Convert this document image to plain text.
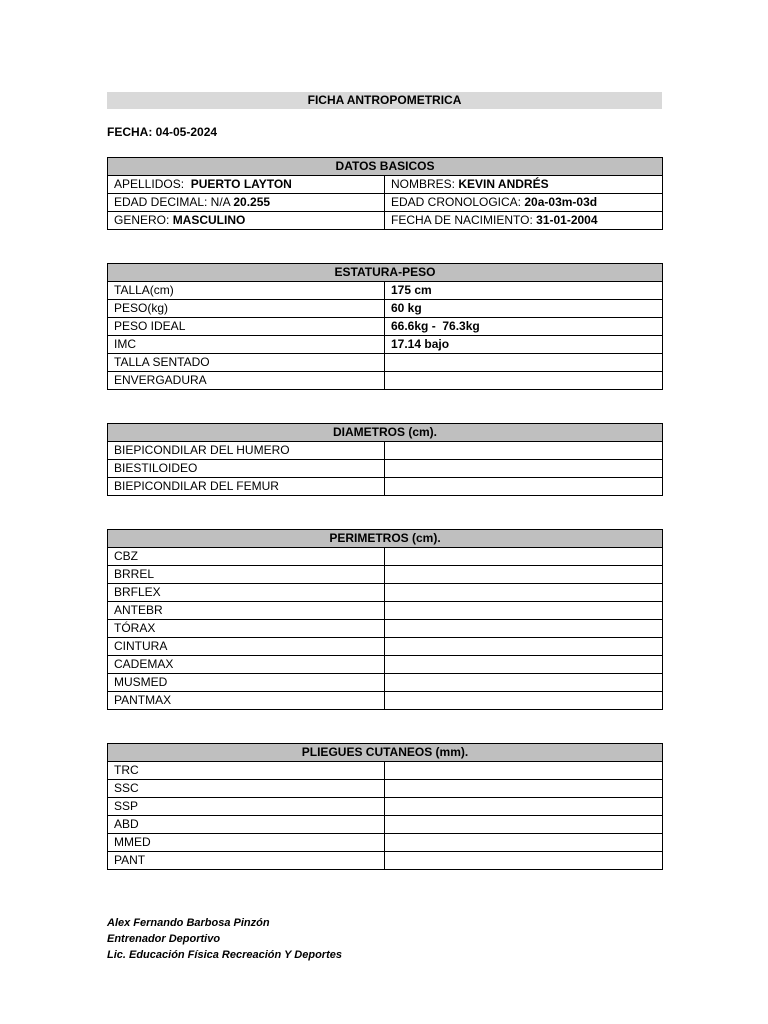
FICHA ANTROPOMETRICA
FECHA: 04-05-2024
DATOS BASICOS	
APELLIDOS: PUERTO LAYTON	NOMBRES: KEVIN ANDRÉS
EDAD DECIMAL: N/A 20.255	EDAD CRONOLOGICA: 20a-03m-03d
GENERO: MASCULINO	FECHA DE NACIMIENTO: 31-01-2004
ESTATURA-PESO	
TALLA(cm)	175 cm
PESO(kg)	60 kg
PESO IDEAL	66.6kg -  76.3kg
IMC	17.14 bajo
TALLA SENTADO	
ENVERGADURA	
DIAMETROS (cm).	
BIEPICONDILAR DEL HUMERO	
BIESTILOIDEO	
BIEPICONDILAR DEL FEMUR	
PERIMETROS (cm).	
CBZ	
BRREL	
BRFLEX	
ANTEBR	
TÓRAX	
CINTURA	
CADEMAX	
MUSMED	
PANTMAX	
PLIEGUES CUTANEOS (mm).	
TRC	
SSC	
SSP	
ABD	
MMED	
PANT	
Alex Fernando Barbosa Pinzón
Entrenador Deportivo
Lic. Educación Física Recreación Y Deportes
